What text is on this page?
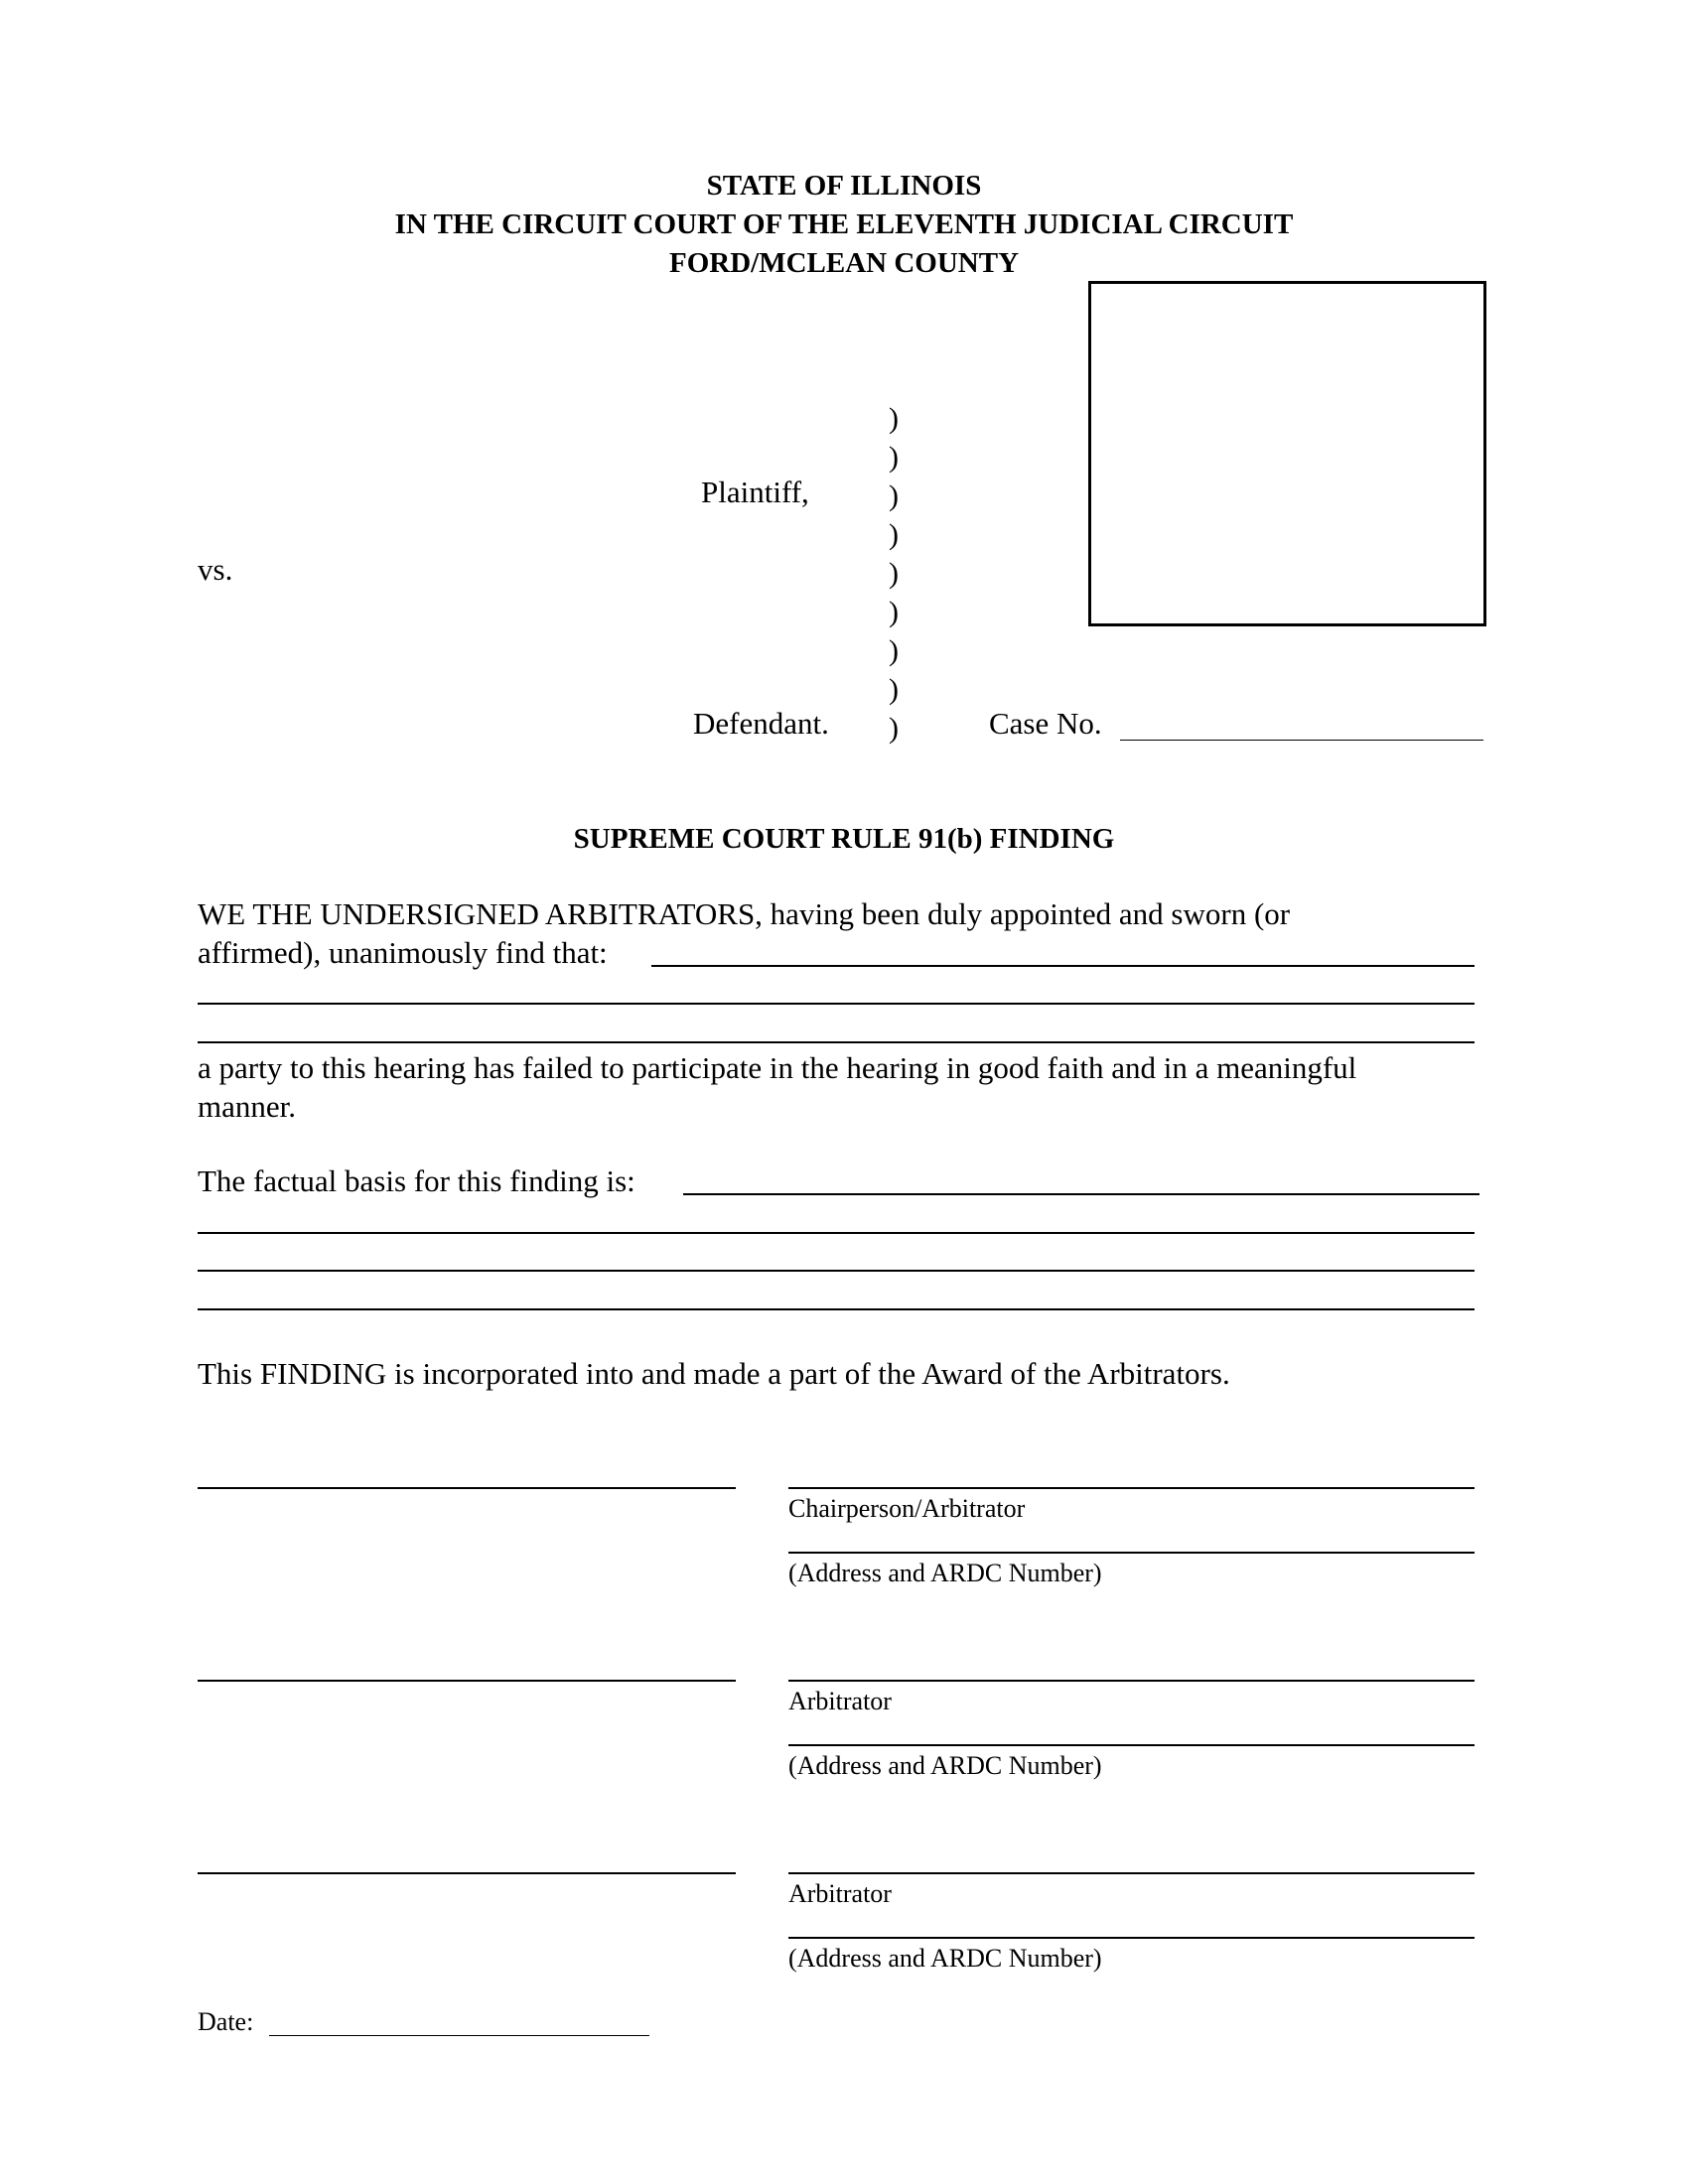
STATE OF ILLINOIS
IN THE CIRCUIT COURT OF THE ELEVENTH JUDICIAL CIRCUIT
FORD/MCLEAN COUNTY
Plaintiff,
vs.
Defendant.
)
)
)
)
)
)
)
)
)	Case No.
SUPREME COURT RULE 91(b) FINDING
WE THE UNDERSIGNED ARBITRATORS, having been duly appointed and sworn (or
affirmed), unanimously find that:
a party to this hearing has failed to participate in the hearing in good faith and in a meaningful
manner.
The factual basis for this finding is:
This FINDING is incorporated into and made a part of the Award of the Arbitrators.
Chairperson/Arbitrator
(Address and ARDC Number)
Arbitrator
(Address and ARDC Number)
Arbitrator
(Address and ARDC Number)
Date:
